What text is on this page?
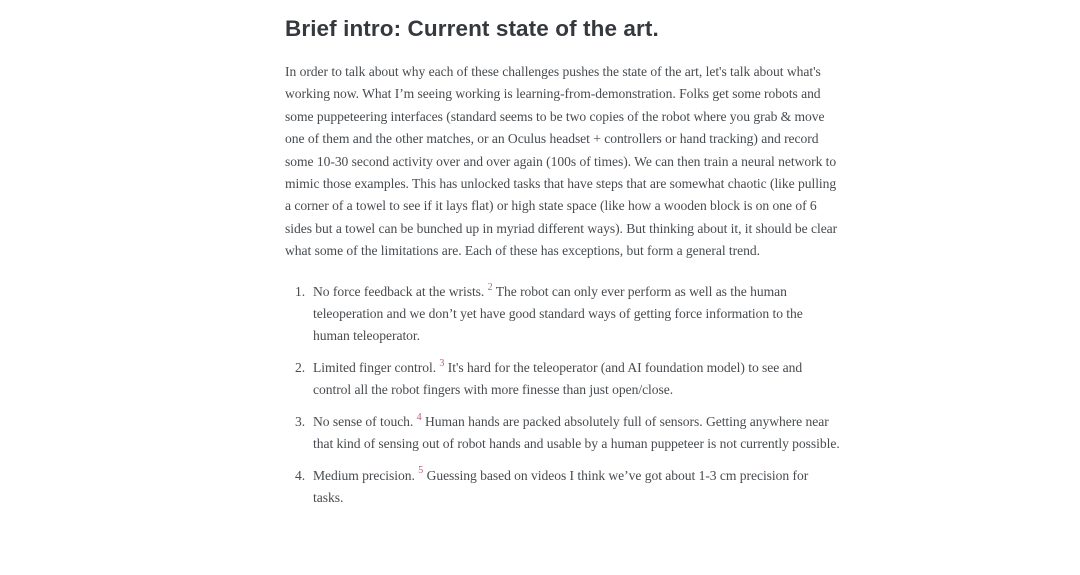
Brief intro: Current state of the art.

In order to talk about why each of these challenges pushes the state of the art, let's talk about what's working now. What I’m seeing working is learning-from-demonstration. Folks get some robots and some puppeteering interfaces (standard seems to be two copies of the robot where you grab & move one of them and the other matches, or an Oculus headset + controllers or hand tracking) and record some 10-30 second activity over and over again (100s of times). We can then train a neural network to mimic those examples. This has unlocked tasks that have steps that are somewhat chaotic (like pulling a corner of a towel to see if it lays flat) or high state space (like how a wooden block is on one of 6 sides but a towel can be bunched up in myriad different ways). But thinking about it, it should be clear what some of the limitations are. Each of these has exceptions, but form a general trend.

1. No force feedback at the wrists. $^2$ The robot can only ever perform as well as the human teleoperation and we don’t yet have good standard ways of getting force information to the human teleoperator.
2. Limited finger control. $^3$ It's hard for the teleoperator (and AI foundation model) to see and control all the robot fingers with more finesse than just open/close.
3. No sense of touch. $^4$ Human hands are packed absolutely full of sensors. Getting anywhere near that kind of sensing out of robot hands and usable by a human puppeteer is not currently possible.
4. Medium precision. $^5$ Guessing based on videos I think we’ve got about 1-3 cm precision for tasks.
